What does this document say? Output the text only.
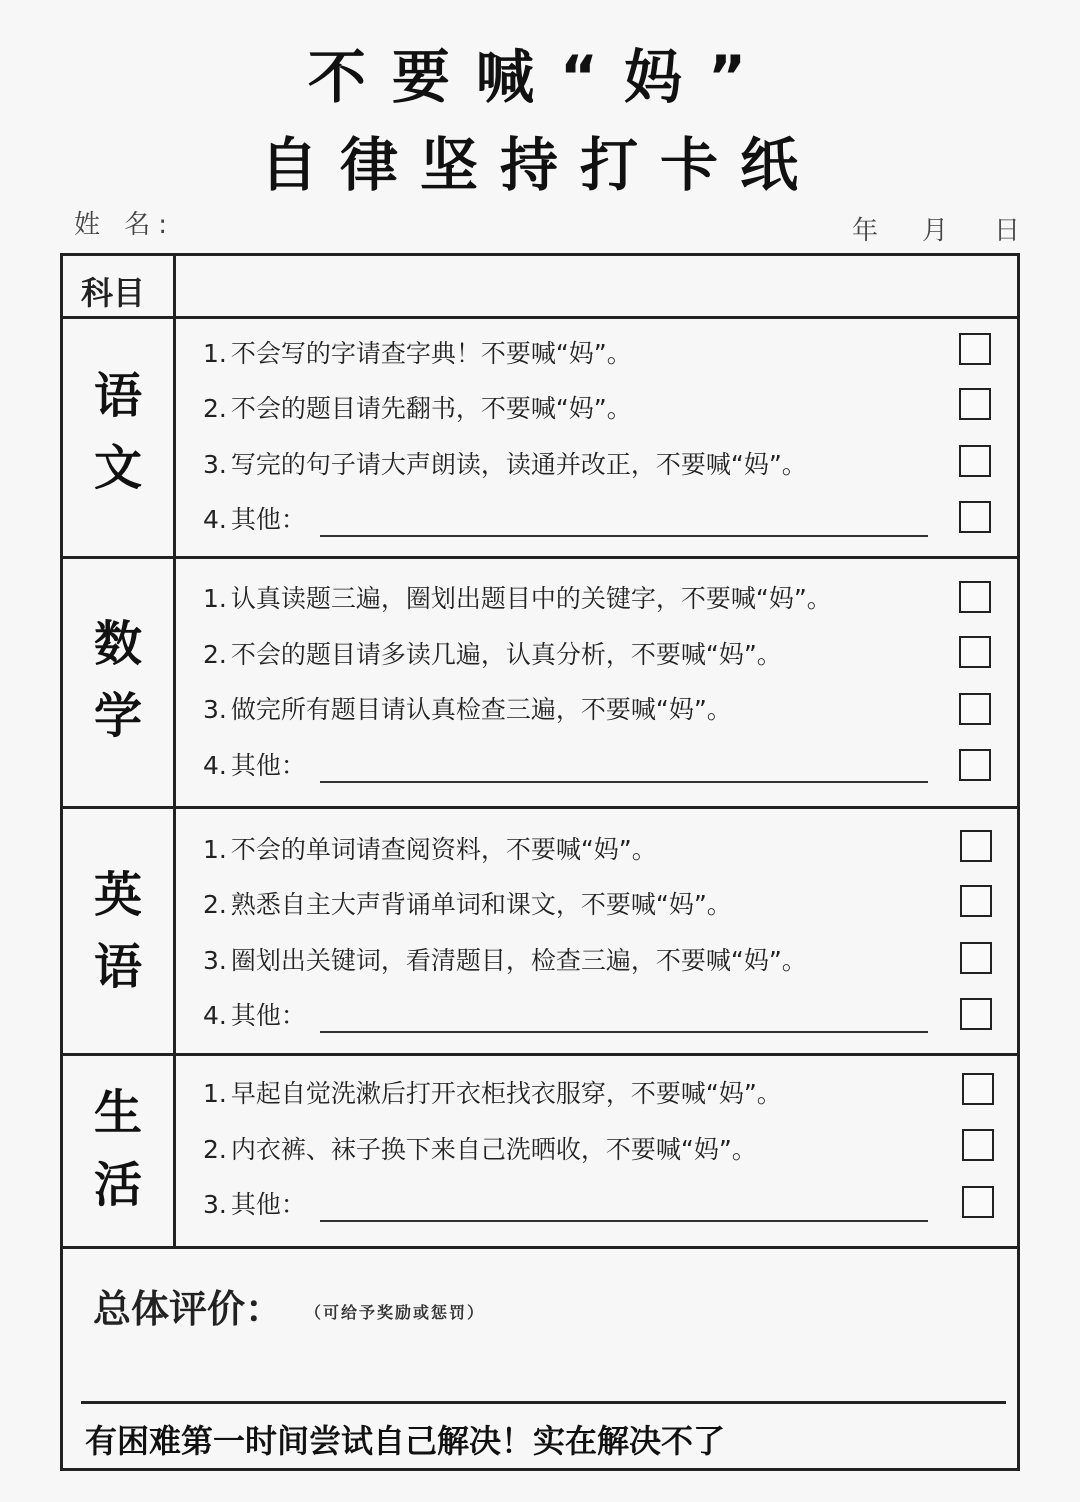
不要喊“妈”
自律坚持打卡纸
姓 名:	年 月 日
科目
语
文
1. 不会写的字请查字典！不要喊“妈”。
2. 不会的题目请先翻书，不要喊“妈”。
3. 写完的句子请大声朗读，读通并改正，不要喊“妈”。
4. 其他：
数
学
1. 认真读题三遍，圈划出题目中的关键字，不要喊“妈”。
2. 不会的题目请多读几遍，认真分析，不要喊“妈”。
3. 做完所有题目请认真检查三遍，不要喊“妈”。
4. 其他：
英
语
1. 不会的单词请查阅资料，不要喊“妈”。
2. 熟悉自主大声背诵单词和课文，不要喊“妈”。
3. 圈划出关键词，看清题目，检查三遍，不要喊“妈”。
4. 其他：
生
活
1. 早起自觉洗漱后打开衣柜找衣服穿，不要喊“妈”。
2. 内衣裤、袜子换下来自己洗晒收，不要喊“妈”。
3. 其他：
总体评价： （可给予奖励或惩罚）
有困难第一时间尝试自己解决！实在解决不了
